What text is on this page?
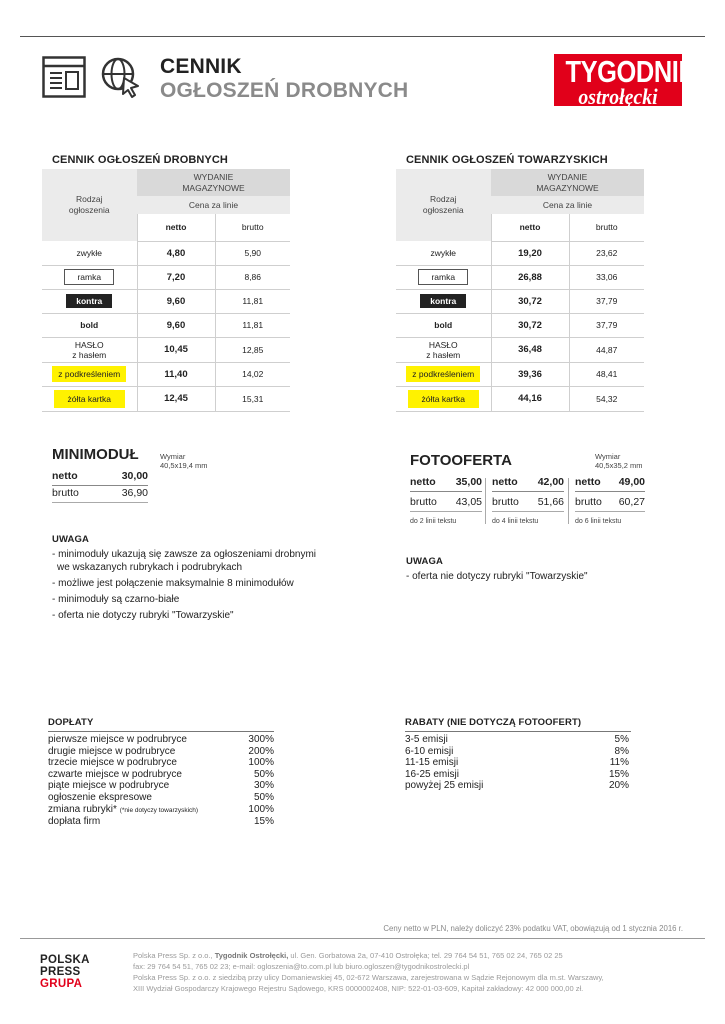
CENNIK
OGŁOSZEŃ DROBNYCH
TYGODNIK
ostrołęcki
CENNIK OGŁOSZEŃ DROBNYCH	CENNIK OGŁOSZEŃ TOWARZYSKICH
Rodzaj ogłoszenia	WYDANIE MAGAZYNOWE	
	Cena za linie	
	netto	brutto
zwykłe	4,80	5,90
ramka	7,20	8,86
kontra	9,60	11,81
bold	9,60	11,81

HASŁO
z hasłem	10,45	12,85
z podkreśleniem	11,40	14,02
żółta kartka	12,45	15,31
Rodzaj ogłoszenia	WYDANIE MAGAZYNOWE	
	Cena za linie	
	netto	brutto
zwykłe	19,20	23,62
ramka	26,88	33,06
kontra	30,72	37,79
bold	30,72	37,79

HASŁO
z hasłem	36,48	44,87
z podkreśleniem	39,36	48,41
żółta kartka	44,16	54,32
MINIMODUŁ	Wymiar
40,5x19,4 mm
netto	30,00
brutto	36,90
UWAGA
- minimoduły ukazują się zawsze za ogłoszeniami drobnymi
we wskazanych rubrykach i podrubrykach
- możliwe jest połączenie maksymalnie 8 minimodułów
- minimoduły są czarno-białe
- oferta nie dotyczy rubryki "Towarzyskie"
FOTOOFERTA	Wymiar
40,5x35,2 mm
netto 35,00
brutto 43,05
do 2 linii tekstu
netto 42,00
brutto 51,66
do 4 linii tekstu
netto 49,00
brutto 60,27
do 6 linii tekstu
UWAGA
- oferta nie dotyczy rubryki "Towarzyskie"
DOPŁATY
pierwsze miejsce w podrubryce	300%
drugie miejsce w podrubryce	200%
trzecie miejsce w podrubryce	100%
czwarte miejsce w podrubryce	50%
piąte miejsce w podrubryce	30%
ogłoszenie ekspresowe	50%
zmiana rubryki*
(*nie dotyczy towarzyskich)	100%
dopłata firm	15%
RABATY (NIE DOTYCZĄ FOTOOFERT)
3-5 emisji	5%
6-10 emisji	8%
11-15 emisji	11%
16-25 emisji	15%
powyżej 25 emisji	20%
Ceny netto w PLN, należy doliczyć 23% podatku VAT, obowiązują od 1 stycznia 2016 r.
POLSKA
PRESS
GRUPA
Polska Press Sp. z o.o., Tygodnik Ostrołęcki, ul. Gen. Gorbatowa 2a, 07-410 Ostrołęka; tel. 29 764 54 51, 765 02 24, 765 02 25
fax: 29 764 54 51, 765 02 23; e-mail: ogloszenia@to.com.pl lub biuro.ogloszen@tygodnikostrolecki.pl
Polska Press Sp. z o.o. z siedzibą przy ulicy Domaniewskiej 45, 02-672 Warszawa, zarejestrowana w Sądzie Rejonowym dla m.st. Warszawy,
XIII Wydział Gospodarczy Krajowego Rejestru Sądowego, KRS 0000002408, NIP: 522-01-03-609, Kapitał zakładowy: 42 000 000,00 zł.
